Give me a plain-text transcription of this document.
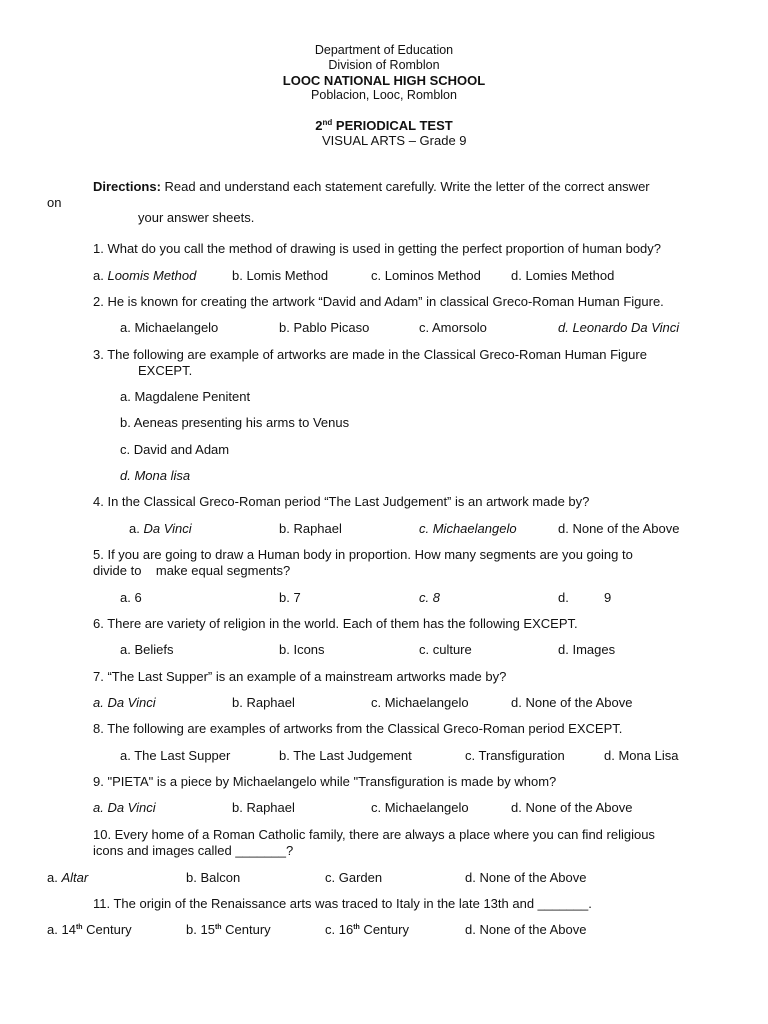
Department of Education
Division of Romblon
LOOC NATIONAL HIGH SCHOOL
Poblacion, Looc, Romblon
2nd PERIODICAL TEST
VISUAL ARTS – Grade 9
Directions: Read and understand each statement carefully. Write the letter of the correct answer
on
your answer sheets.
1. What do you call the method of drawing is used in getting the perfect proportion of human body?
a. Loomis Method	b. Lomis Method	c. Lominos Method d. Lomies Method
2. He is known for creating the artwork “David and Adam” in classical Greco-Roman Human Figure.
a. Michaelangelo	b. Pablo Picaso	c. Amorsolo	d. Leonardo Da Vinci
3. The following are example of artworks are made in the Classical Greco-Roman Human Figure
EXCEPT.
a. Magdalene Penitent
b. Aeneas presenting his arms to Venus
c. David and Adam
d. Mona lisa
4. In the Classical Greco-Roman period “The Last Judgement” is an artwork made by?
a. Da Vinci	b. Raphael	c. Michaelangelo	d. None of the Above
5. If you are going to draw a Human body in proportion. How many segments are you going to
divide to    make equal segments?
a. 6	b. 7	c. 8	d.	9
6. There are variety of religion in the world. Each of them has the following EXCEPT.
a. Beliefs	b. Icons	c. culture	d. Images
7. “The Last Supper” is an example of a mainstream artworks made by?
a. Da Vinci	b. Raphael	c. Michaelangelo	d. None of the Above
8. The following are examples of artworks from the Classical Greco-Roman period EXCEPT.
a. The Last Supper	b. The Last Judgement	c. Transfiguration	d. Mona Lisa
9. "PIETA" is a piece by Michaelangelo while "Transfiguration is made by whom?
a. Da Vinci	b. Raphael	c. Michaelangelo	d. None of the Above
10. Every home of a Roman Catholic family, there are always a place where you can find religious
icons and images called _______?
a. Altar	b. Balcon	c. Garden	d. None of the Above
11. The origin of the Renaissance arts was traced to Italy in the late 13th and _______.
a. 14th Century	b. 15th Century	c. 16th Century	d. None of the Above
